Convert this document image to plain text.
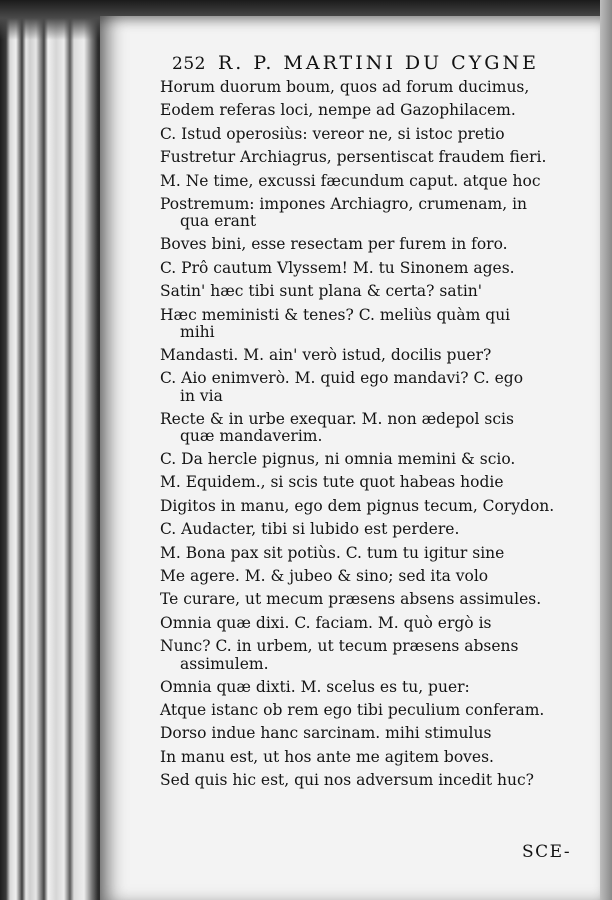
252 R. P. MARTINI DU CYGNE
Horum duorum boum, quos ad forum ducimus,
Eodem referas loci, nempe ad Gazophilacem.
C. Istud operosiùs: vereor ne, si istoc pretio
Fustretur Archiagrus, persentiscat fraudem fieri.
M. Ne time, excussi fæcundum caput. atque hoc
Postremum: impones Archiagro, crumenam, in
qua erant
Boves bini, esse resectam per furem in foro.
C. Prô cautum Vlyssem! M. tu Sinonem ages.
Satin' hæc tibi sunt plana & certa? satin'
Hæc meministi & tenes? C. meliùs quàm qui
mihi
Mandasti. M. ain' verò istud, docilis puer?
C. Aio enimverò. M. quid ego mandavi? C. ego
in via
Recte & in urbe exequar. M. non ædepol scis
quæ mandaverim.
C. Da hercle pignus, ni omnia memini & scio.
M. Equidem., si scis tute quot habeas hodie
Digitos in manu, ego dem pignus tecum, Corydon.
C. Audacter, tibi si lubido est perdere.
M. Bona pax sit potiùs. C. tum tu igitur sine
Me agere. M. & jubeo & sino; sed ita volo
Te curare, ut mecum præsens absens assimules.
Omnia quæ dixi. C. faciam. M. quò ergò is
Nunc? C. in urbem, ut tecum præsens absens
assimulem.
Omnia quæ dixti. M. scelus es tu, puer:
Atque istanc ob rem ego tibi peculium conferam.
Dorso indue hanc sarcinam. mihi stimulus
In manu est, ut hos ante me agitem boves.
Sed quis hic est, qui nos adversum incedit huc?
SCE-
